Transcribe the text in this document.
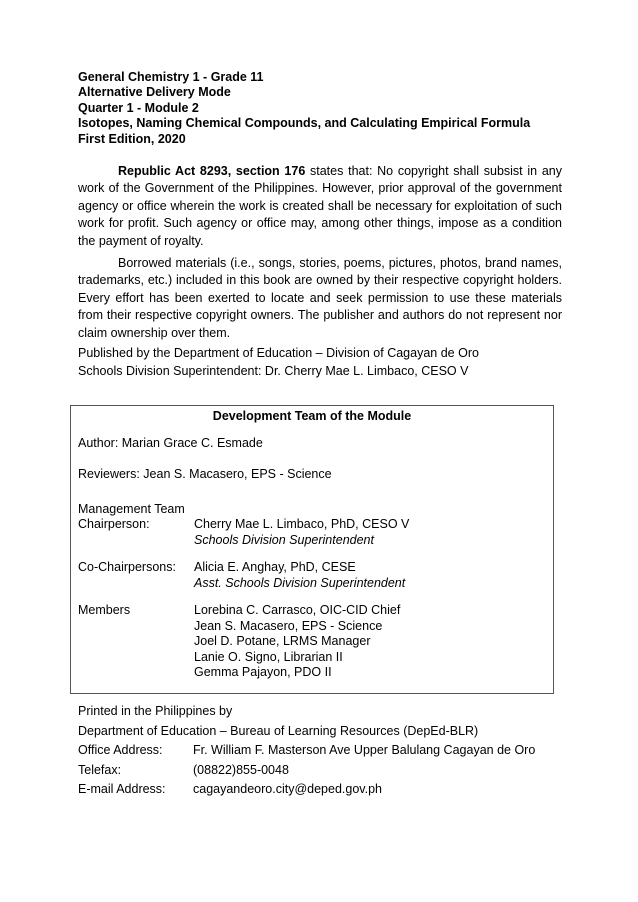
General Chemistry 1 - Grade 11
Alternative Delivery Mode
Quarter 1 - Module 2
Isotopes, Naming Chemical Compounds, and Calculating Empirical Formula
First Edition, 2020
Republic Act 8293, section 176 states that: No copyright shall subsist in any work of the Government of the Philippines. However, prior approval of the government agency or office wherein the work is created shall be necessary for exploitation of such work for profit. Such agency or office may, among other things, impose as a condition the payment of royalty.
Borrowed materials (i.e., songs, stories, poems, pictures, photos, brand names, trademarks, etc.) included in this book are owned by their respective copyright holders. Every effort has been exerted to locate and seek permission to use these materials from their respective copyright owners. The publisher and authors do not represent nor claim ownership over them.
Published by the Department of Education – Division of Cagayan de Oro
Schools Division Superintendent: Dr. Cherry Mae L. Limbaco, CESO V
Development Team of the Module
Author: Marian Grace C. Esmade
Reviewers: Jean S. Macasero, EPS - Science
Management Team
Chairperson:	Cherry Mae L. Limbaco, PhD, CESO V
Schools Division Superintendent
Co-Chairpersons: Alicia E. Anghay, PhD, CESE
Asst. Schools Division Superintendent
Members	Lorebina C. Carrasco, OIC-CID Chief
Jean S. Macasero, EPS - Science
Joel D. Potane, LRMS Manager
Lanie O. Signo, Librarian II
Gemma Pajayon, PDO II
Printed in the Philippines by
Department of Education – Bureau of Learning Resources (DepEd-BLR)
Office Address: Fr. William F. Masterson Ave Upper Balulang Cagayan de Oro
Telefax:	(08822)855-0048
E-mail Address: cagayandeoro.city@deped.gov.ph
